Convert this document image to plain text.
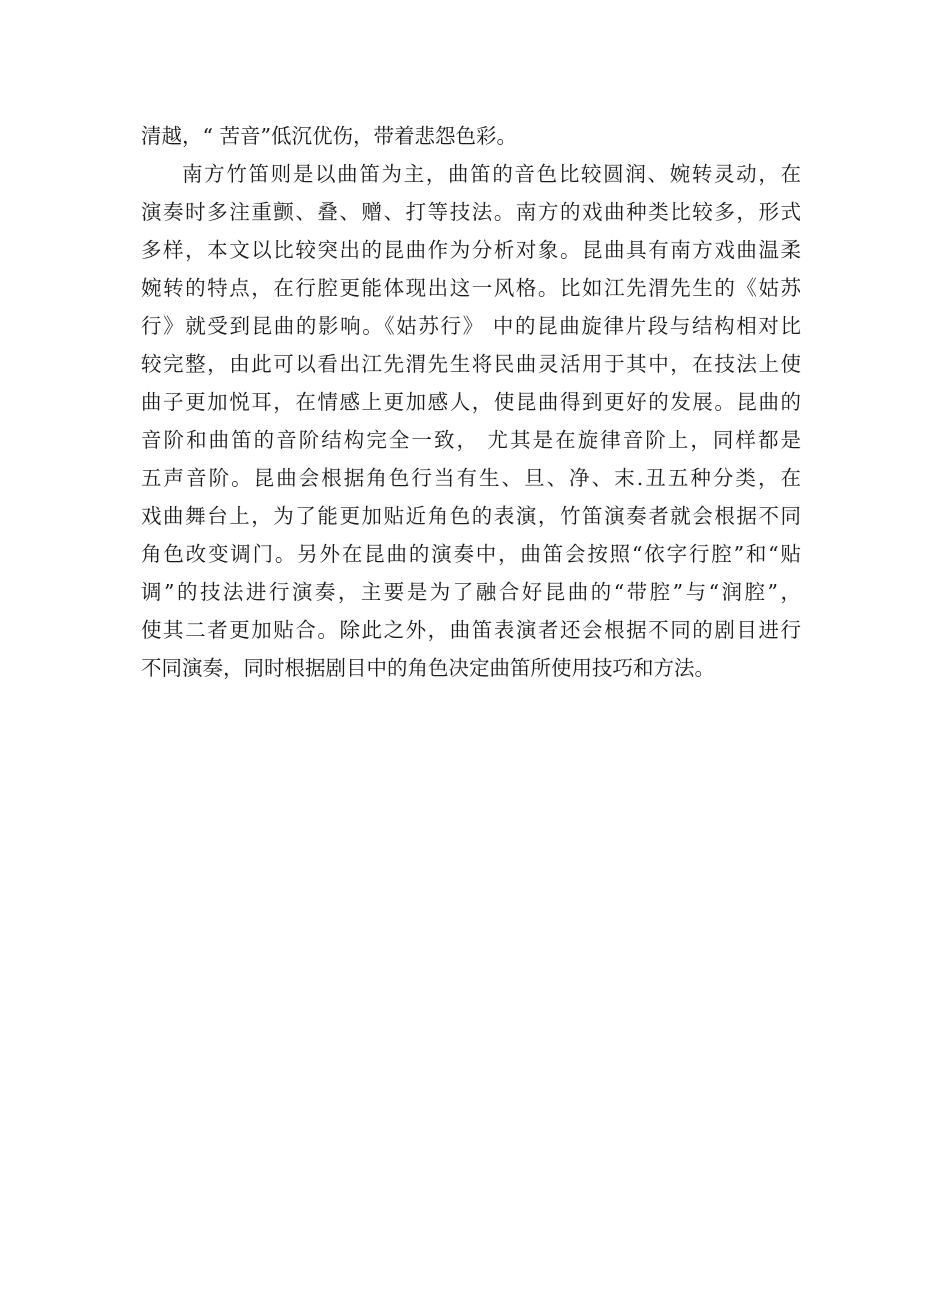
清越，“ 苦音”低沉优伤，带着悲怨色彩。
南方竹笛则是以曲笛为主，曲笛的音色比较圆润、婉转灵动，在
演奏时多注重颤、叠、赠、打等技法。南方的戏曲种类比较多，形式
多样，本文以比较突出的昆曲作为分析对象。昆曲具有南方戏曲温柔
婉转的特点，在行腔更能体现出这一风格。比如江先渭先生的《姑苏
行》就受到昆曲的影响。《姑苏行》 中的昆曲旋律片段与结构相对比
较完整，由此可以看出江先渭先生将民曲灵活用于其中，在技法上使
曲子更加悦耳，在情感上更加感人，使昆曲得到更好的发展。昆曲的
音阶和曲笛的音阶结构完全一致， 尤其是在旋律音阶上，同样都是
五声音阶。昆曲会根据角色行当有生、旦、净、末.丑五种分类，在
戏曲舞台上，为了能更加贴近角色的表演，竹笛演奏者就会根据不同
角色改变调门。另外在昆曲的演奏中，曲笛会按照“依字行腔”和“贴
调”的技法进行演奏，主要是为了融合好昆曲的“带腔”与“润腔”，
使其二者更加贴合。除此之外，曲笛表演者还会根据不同的剧目进行
不同演奏，同时根据剧目中的角色决定曲笛所使用技巧和方法。
